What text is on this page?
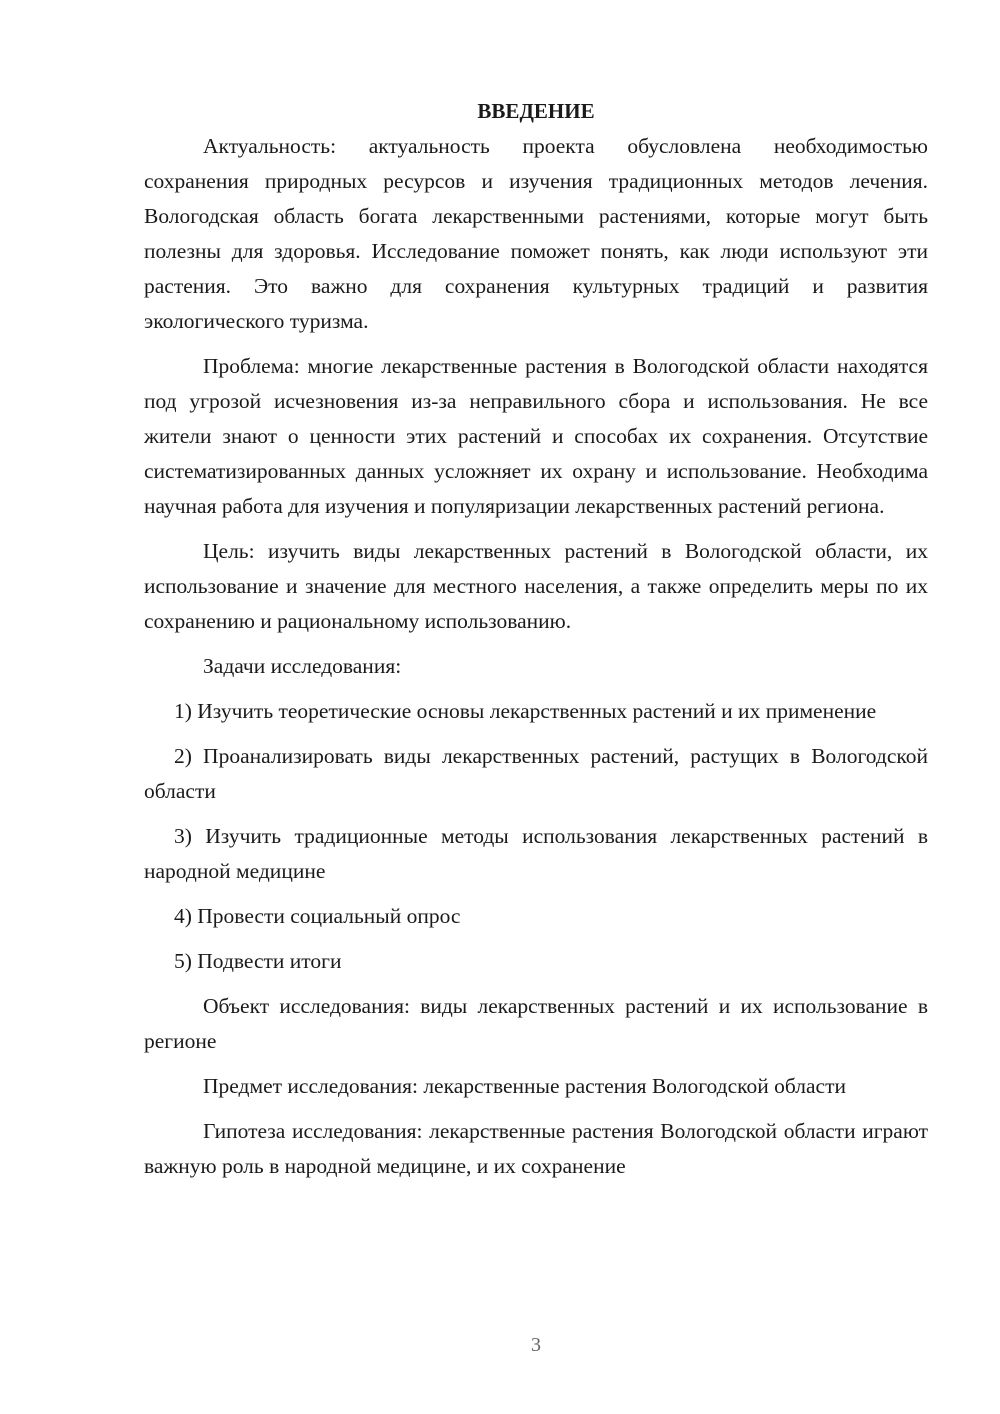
ВВЕДЕНИЕ

Актуальность: актуальность проекта обусловлена необходимостью сохранения природных ресурсов и изучения традиционных методов лечения. Вологодская область богата лекарственными растениями, которые могут быть полезны для здоровья. Исследование поможет понять, как люди используют эти растения. Это важно для сохранения культурных традиций и развития экологического туризма.

Проблема: многие лекарственные растения в Вологодской области находятся под угрозой исчезновения из-за неправильного сбора и использования. Не все жители знают о ценности этих растений и способах их сохранения. Отсутствие систематизированных данных усложняет их охрану и использование. Необходима научная работа для изучения и популяризации лекарственных растений региона.

Цель: изучить виды лекарственных растений в Вологодской области, их использование и значение для местного населения, а также определить меры по их сохранению и рациональному использованию.

Задачи исследования:

1) Изучить теоретические основы лекарственных растений и их применение

2) Проанализировать виды лекарственных растений, растущих в Вологодской области

3) Изучить традиционные методы использования лекарственных растений в народной медицине

4) Провести социальный опрос

5) Подвести итоги

Объект исследования: виды лекарственных растений и их использование в регионе

Предмет исследования: лекарственные растения Вологодской области

Гипотеза исследования: лекарственные растения Вологодской области играют важную роль в народной медицине, и их сохранение

3
